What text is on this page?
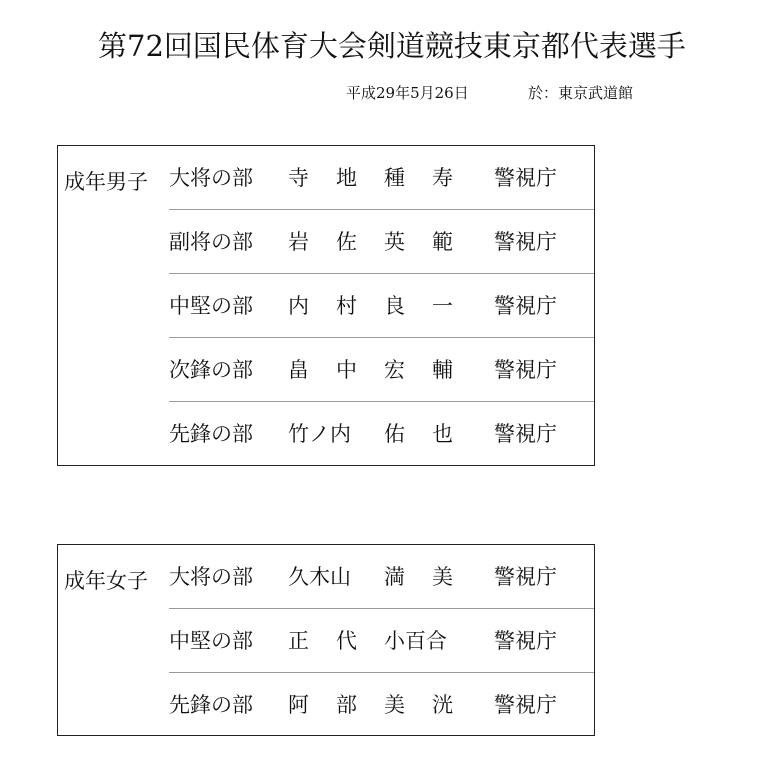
第72回国民体育大会剣道競技東京都代表選手
平成29年5月26日	於：東京武道館
成年男子 大将の部 寺 地 種 寿	警視庁
副将の部 岩 佐 英 範	警視庁
中堅の部 内 村 良 一	警視庁
次鋒の部 畠 中 宏 輔	警視庁
先鋒の部 竹ノ内 佑 也	警視庁
成年女子 大将の部 久木山 満 美	警視庁
中堅の部 正 代 小百合	警視庁
先鋒の部 阿 部 美 洸	警視庁
